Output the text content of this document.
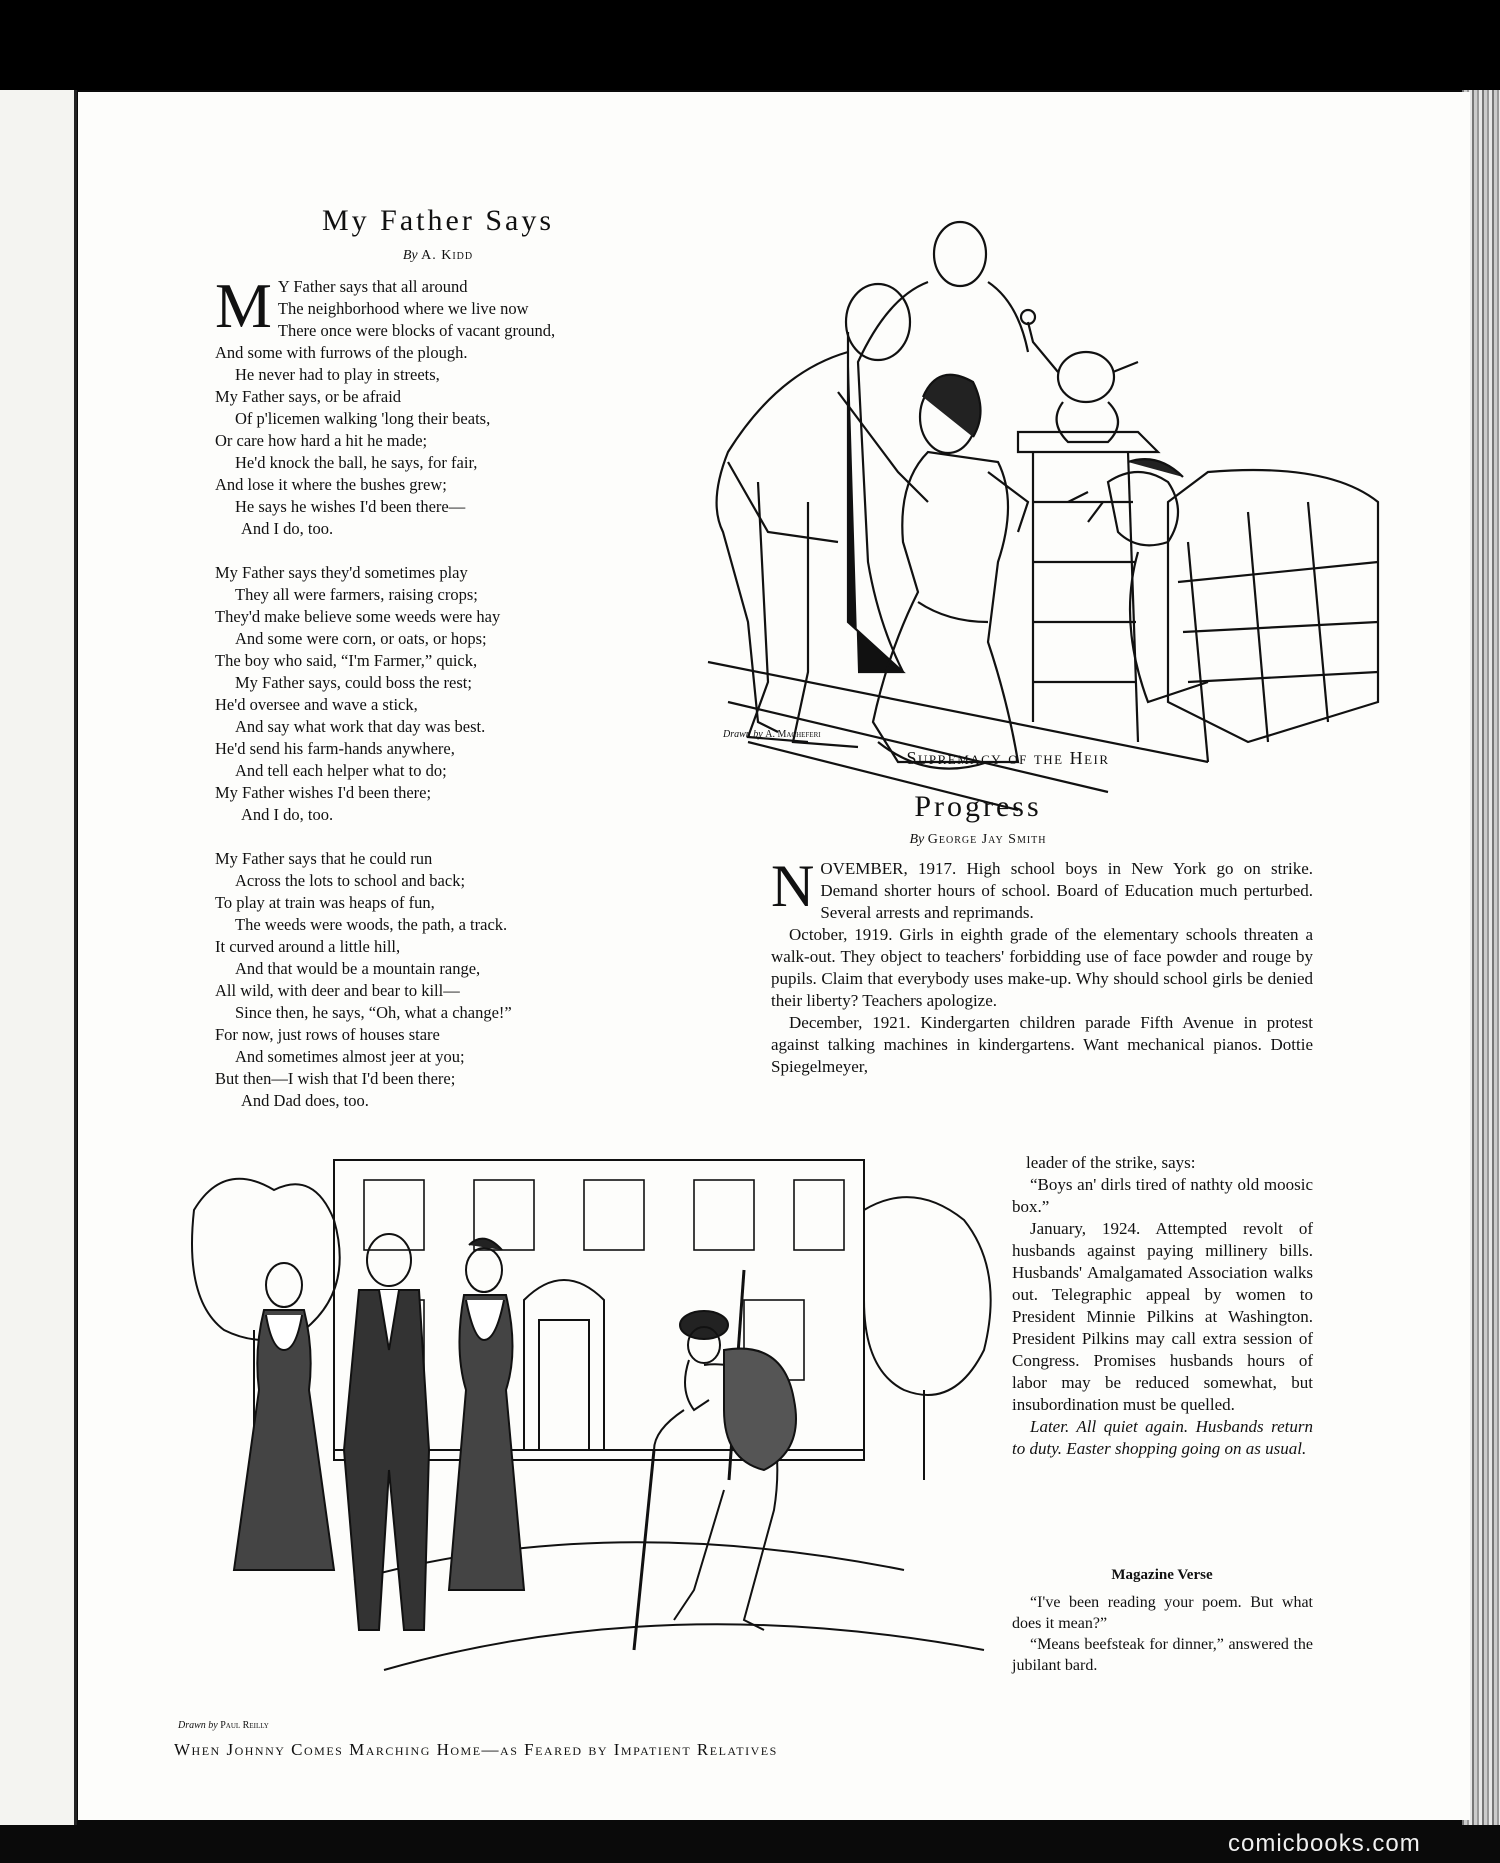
My Father Says
By A. Kidd
M Y Father says that all around
The neighborhood where we live now
There once were blocks of vacant ground,
And some with furrows of the plough.
He never had to play in streets,
My Father says, or be afraid
Of p'licemen walking 'long their beats,
Or care how hard a hit he made;
He'd knock the ball, he says, for fair,
And lose it where the bushes grew;
He says he wishes I'd been there—
And I do, too.
My Father says they'd sometimes play
They all were farmers, raising crops;
They'd make believe some weeds were hay
And some were corn, or oats, or hops;
The boy who said, “I'm Farmer,” quick,
My Father says, could boss the rest;
He'd oversee and wave a stick,
And say what work that day was best.
He'd send his farm-hands anywhere,
And tell each helper what to do;
My Father wishes I'd been there;
And I do, too.
My Father says that he could run
Across the lots to school and back;
To play at train was heaps of fun,
The weeds were woods, the path, a track.
It curved around a little hill,
And that would be a mountain range,
All wild, with deer and bear to kill—
Since then, he says, “Oh, what a change!”
For now, just rows of houses stare
And sometimes almost jeer at you;
But then—I wish that I'd been there;
And Dad does, too.
Drawn by A. Macheferi
Supremacy of the Heir
Progress
By George Jay Smith

NOVEMBER, 1917. High school boys in New York go on strike. Demand shorter hours of school. Board of Education much perturbed. Several arrests and reprimands.

October, 1919. Girls in eighth grade of the elementary schools threaten a walk-out. They object to teachers' forbidding use of face powder and rouge by pupils. Claim that everybody uses make-up. Why should school girls be denied their liberty? Teachers apologize.

December, 1921. Kindergarten children parade Fifth Avenue in protest against talking machines in kindergartens. Want mechanical pianos. Dottie Spiegelmeyer,

leader of the strike, says:

“Boys an' dirls tired of nathty old moosic box.”

January, 1924. Attempted revolt of husbands against paying millinery bills. Husbands' Amalgamated Association walks out. Telegraphic appeal by women to President Minnie Pilkins at Washington. President Pilkins may call extra session of Congress. Promises husbands hours of labor may be reduced somewhat, but insubordination must be quelled.

Later. All quiet again. Husbands return to duty. Easter shopping going on as usual.

Magazine Verse

“I've been reading your poem. But what does it mean?”

“Means beefsteak for dinner,” answered the jubilant bard.

Drawn by Paul Reilly
When Johnny Comes Marching Home—as Feared by Impatient Relatives
comicbooks.com
